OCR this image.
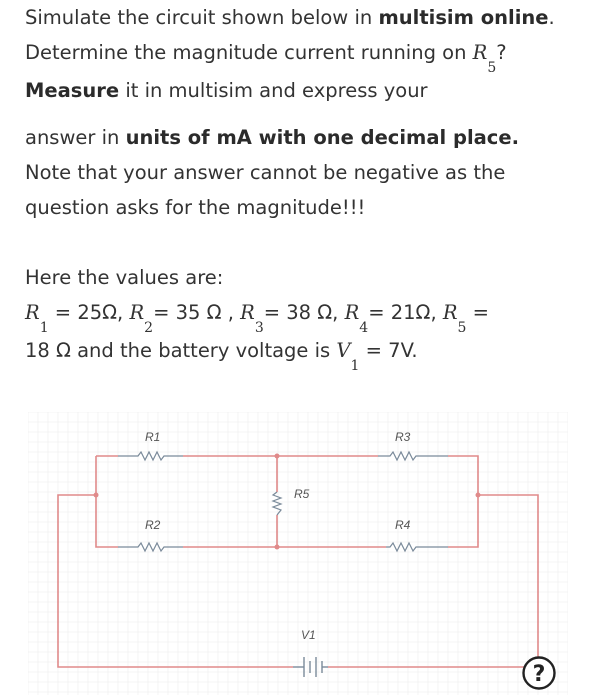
Simulate the circuit shown below in multisim online. Determine the magnitude current running on $R_5$? Measure it in multisim and express your

answer in units of mA with one decimal place. Note that your answer cannot be negative as the question asks for the magnitude!!!

Here the values are:

$R_1 = 25\Omega$, $R_2= 35$ Ω , $R_3= 38$ Ω, $R_4= 21\Omega$, $R_5$ =
18 Ω and the battery voltage is $V_1 = 7V$.

R1
R2
R3
R4
R5
V1
?
